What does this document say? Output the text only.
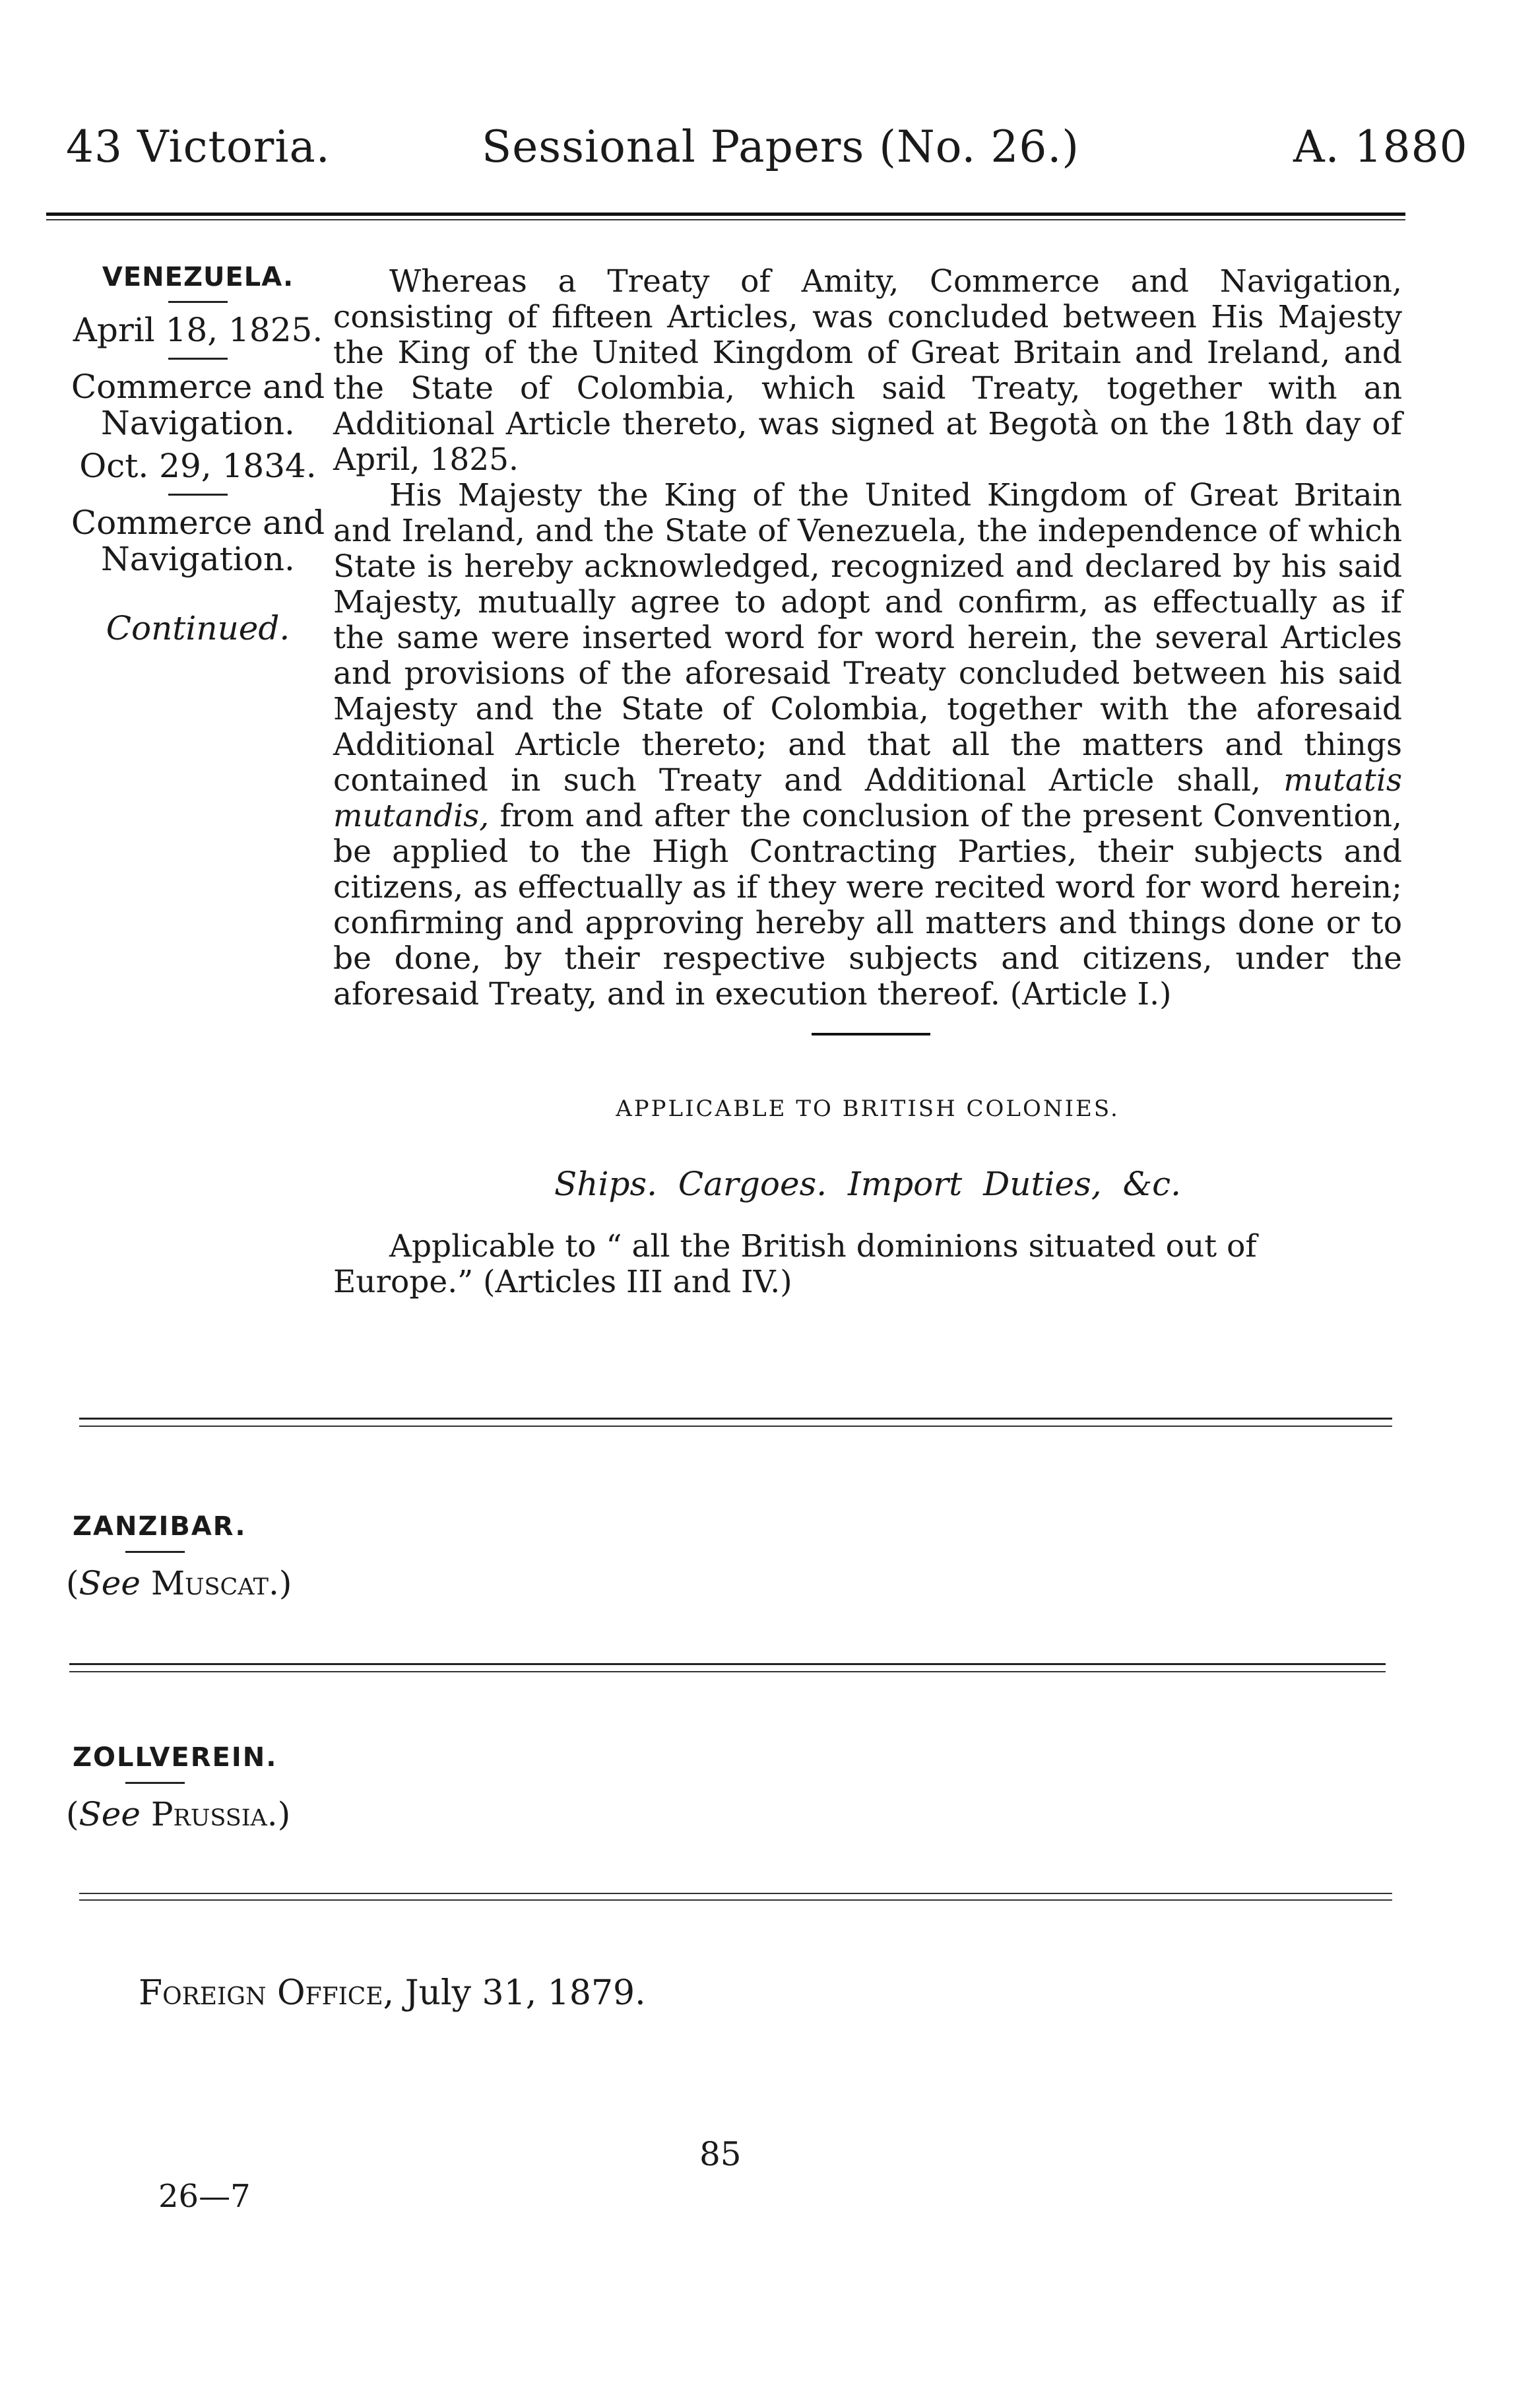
43 Victoria.	Sessional Papers (No. 26.)	A. 1880
VENEZUELA.
April 18, 1825.
Commerce and
Navigation.
Oct. 29, 1834.
Commerce and
Navigation.
Continued.

Whereas a Treaty of Amity, Commerce and Navigation, consisting of fifteen Articles, was concluded between His Majesty the King of the United Kingdom of Great Britain and Ireland, and the State of Colombia, which said Treaty, together with an Additional Article thereto, was signed at Begotà on the 18th day of April, 1825.

His Majesty the King of the United Kingdom of Great Britain and Ireland, and the State of Venezuela, the independence of which State is hereby acknowledged, recognized and declared by his said Majesty, mutually agree to adopt and confirm, as effectually as if the same were inserted word for word herein, the several Articles and provisions of the aforesaid Treaty concluded between his said Majesty and the State of Colombia, together with the aforesaid Additional Article thereto; and that all the matters and things contained in such Treaty and Additional Article shall, mutatis mutandis, from and after the conclusion of the present Convention, be applied to the High Contracting Parties, their subjects and citizens, as effectually as if they were recited word for word herein; confirming and approving hereby all matters and things done or to be done, by their respective subjects and citizens, under the aforesaid Treaty, and in execution thereof. (Article I.)

APPLICABLE TO BRITISH COLONIES.
Ships. Cargoes. Import Duties, &c.
Applicable to “ all the British dominions situated out of Europe.” (Articles III and IV.)
ZANZIBAR.
(See Muscat.)
ZOLLVEREIN.
(See Prussia.)
Foreign Office, July 31, 1879.
85
26—7
